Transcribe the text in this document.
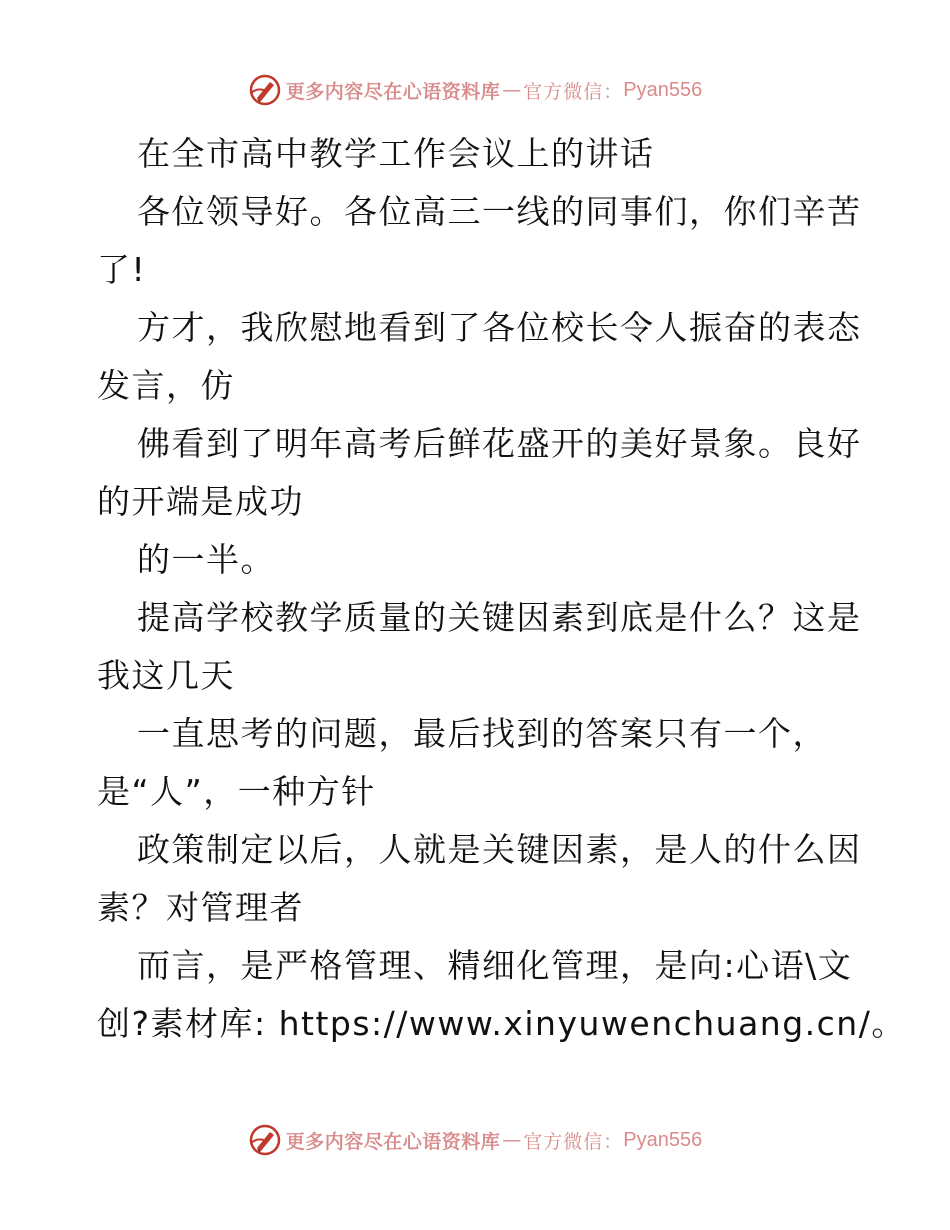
更多内容尽在心语资料库 — 官方微信： Pyan556
在全市高中教学工作会议上的讲话
各位领导好。各位高三一线的同事们，你们辛苦
了!
方才，我欣慰地看到了各位校长令人振奋的表态
发言，仿
佛看到了明年高考后鲜花盛开的美好景象。良好
的开端是成功
的一半。
提高学校教学质量的关键因素到底是什么？这是
我这几天
一直思考的问题，最后找到的答案只有一个，
是“人”，一种方针
政策制定以后，人就是关键因素，是人的什么因
素？对管理者
而言，是严格管理、精细化管理，是向:心语\文
创?素材库: https://www.xinyuwenchuang.cn/。
更多内容尽在心语资料库 — 官方微信： Pyan556
